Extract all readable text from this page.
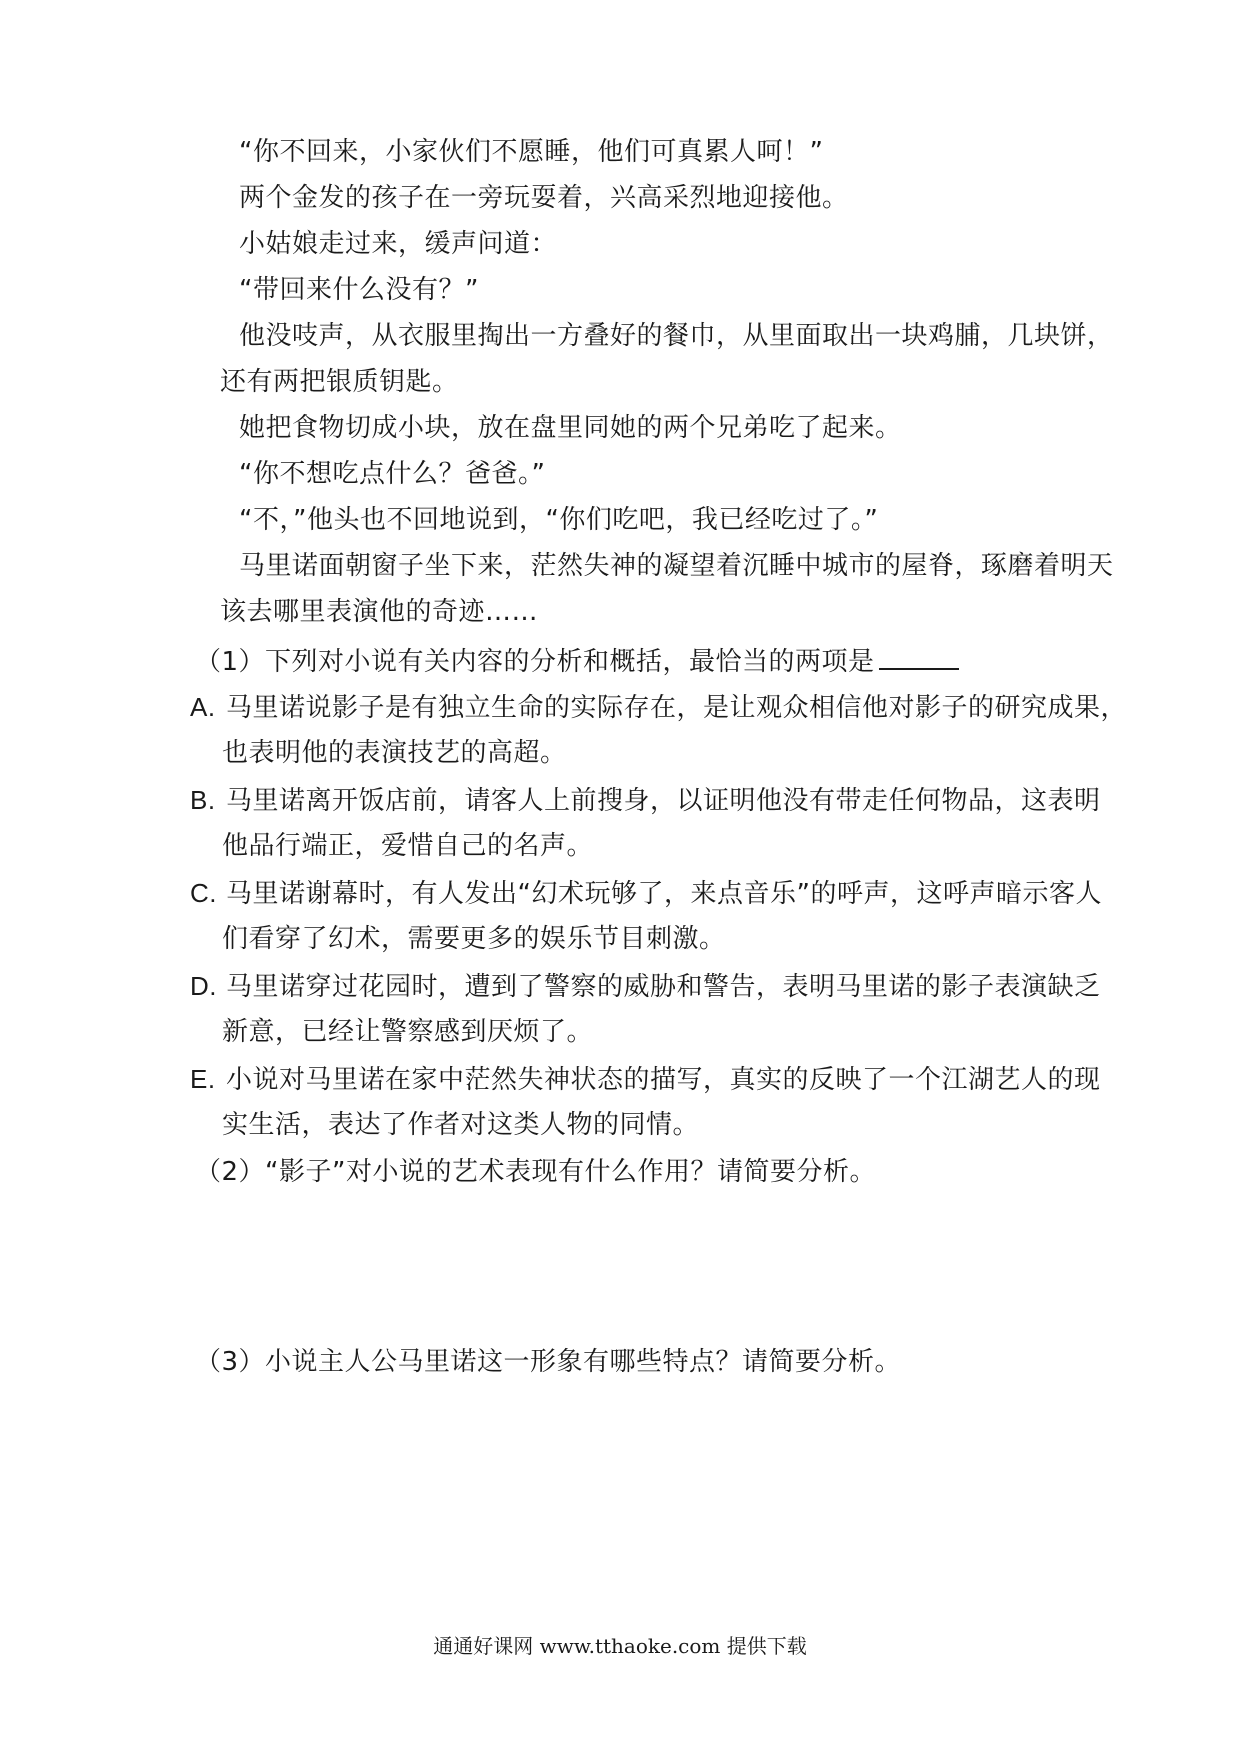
“你不回来，小家伙们不愿睡，他们可真累人呵！”
两个金发的孩子在一旁玩耍着，兴高采烈地迎接他。
小姑娘走过来，缓声问道：
“带回来什么没有？”
他没吱声，从衣服里掏出一方叠好的餐巾，从里面取出一块鸡脯，几块饼，
还有两把银质钥匙。
她把食物切成小块，放在盘里同她的两个兄弟吃了起来。
“你不想吃点什么？爸爸。”
“不，”他头也不回地说到，“你们吃吧，我已经吃过了。”
马里诺面朝窗子坐下来，茫然失神的凝望着沉睡中城市的屋脊，琢磨着明天
该去哪里表演他的奇迹……
（1）下列对小说有关内容的分析和概括，最恰当的两项是
A. 马里诺说影子是有独立生命的实际存在，是让观众相信他对影子的研究成果，
也表明他的表演技艺的高超。
B. 马里诺离开饭店前，请客人上前搜身，以证明他没有带走任何物品，这表明
他品行端正，爱惜自己的名声。
C. 马里诺谢幕时，有人发出“幻术玩够了，来点音乐”的呼声，这呼声暗示客人
们看穿了幻术，需要更多的娱乐节目刺激。
D. 马里诺穿过花园时，遭到了警察的威胁和警告，表明马里诺的影子表演缺乏
新意，已经让警察感到厌烦了。
E. 小说对马里诺在家中茫然失神状态的描写，真实的反映了一个江湖艺人的现
实生活，表达了作者对这类人物的同情。
（2）“影子”对小说的艺术表现有什么作用？请简要分析。
（3）小说主人公马里诺这一形象有哪些特点？请简要分析。
通通好课网 www.tthaoke.com 提供下载
